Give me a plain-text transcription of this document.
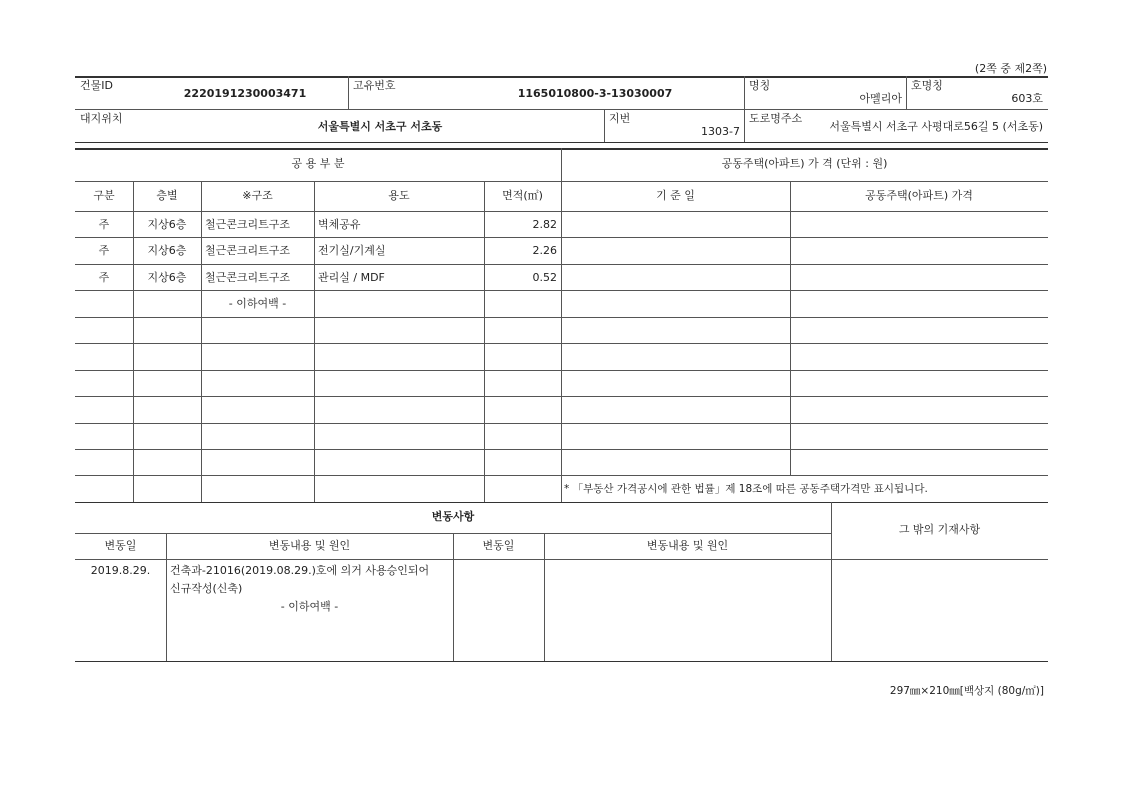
(2쪽 중 제2쪽)
건물ID
2220191230003471
고유번호
1165010800-3-13030007
명칭
아멜리아
호명칭
603호
대지위치
서울특별시 서초구 서초동
지번
1303-7
도로명주소
서울특별시 서초구 사평대로56길 5 (서초동)
공 용 부 분	공동주택(아파트) 가 격 (단위 : 원)
구분	층별	※구조	용도	면적(㎡)	기 준 일	공동주택(아파트) 가격
주	지상6층	철근콘크리트구조	벽체공유	2.82
주	지상6층	철근콘크리트구조	전기실/기계실	2.26
주	지상6층	철근콘크리트구조	관리실 / MDF	0.52
- 이하여백 -
* 「부동산 가격공시에 관한 법률」제 18조에 따른 공동주택가격만 표시됩니다.
변동사항
그 밖의 기재사항
변동일	변동내용 및 원인	변동일	변동내용 및 원인
2019.8.29.	건축과-21016(2019.08.29.)호에 의거 사용승인되어
신규작성(신축)
- 이하여백 -
297㎜×210㎜[백상지 (80g/㎡)]
